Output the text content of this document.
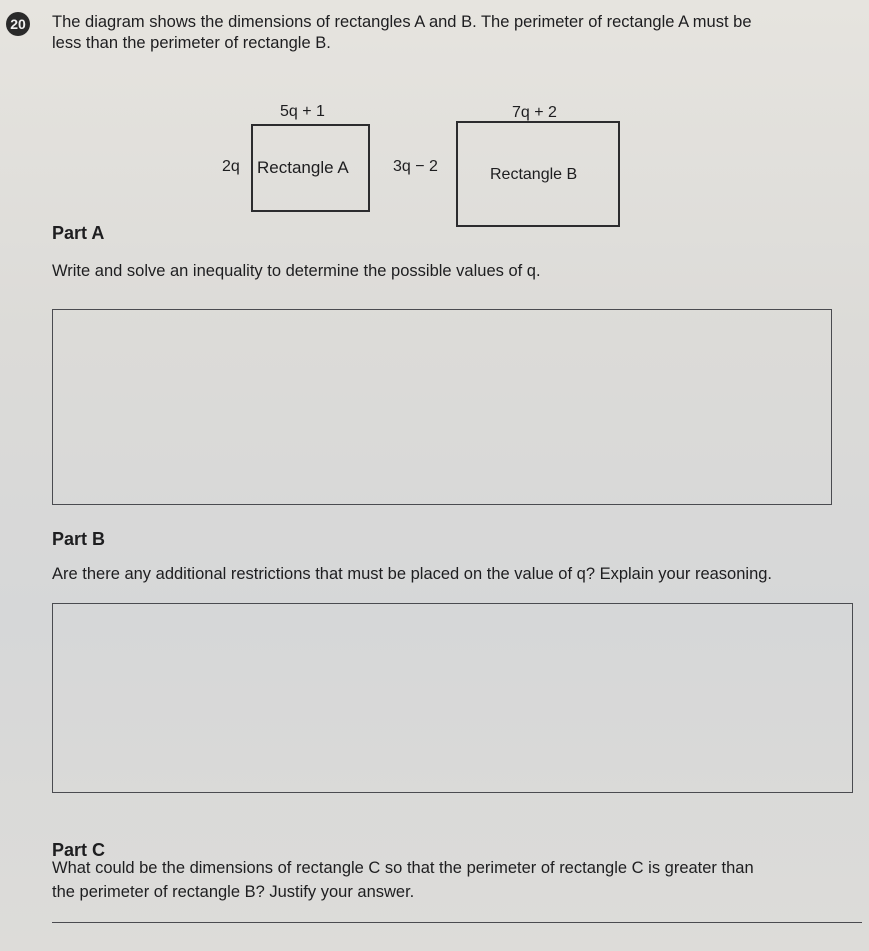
20 The diagram shows the dimensions of rectangles A and B. The perimeter of rectangle A must be
less than the perimeter of rectangle B.
5q + 1
2q Rectangle A
7q + 2
3q − 2	Rectangle B
Part A
Write and solve an inequality to determine the possible values of q.
Part B
Are there any additional restrictions that must be placed on the value of q? Explain your reasoning.
Part C
What could be the dimensions of rectangle C so that the perimeter of rectangle C is greater than
the perimeter of rectangle B? Justify your answer.
